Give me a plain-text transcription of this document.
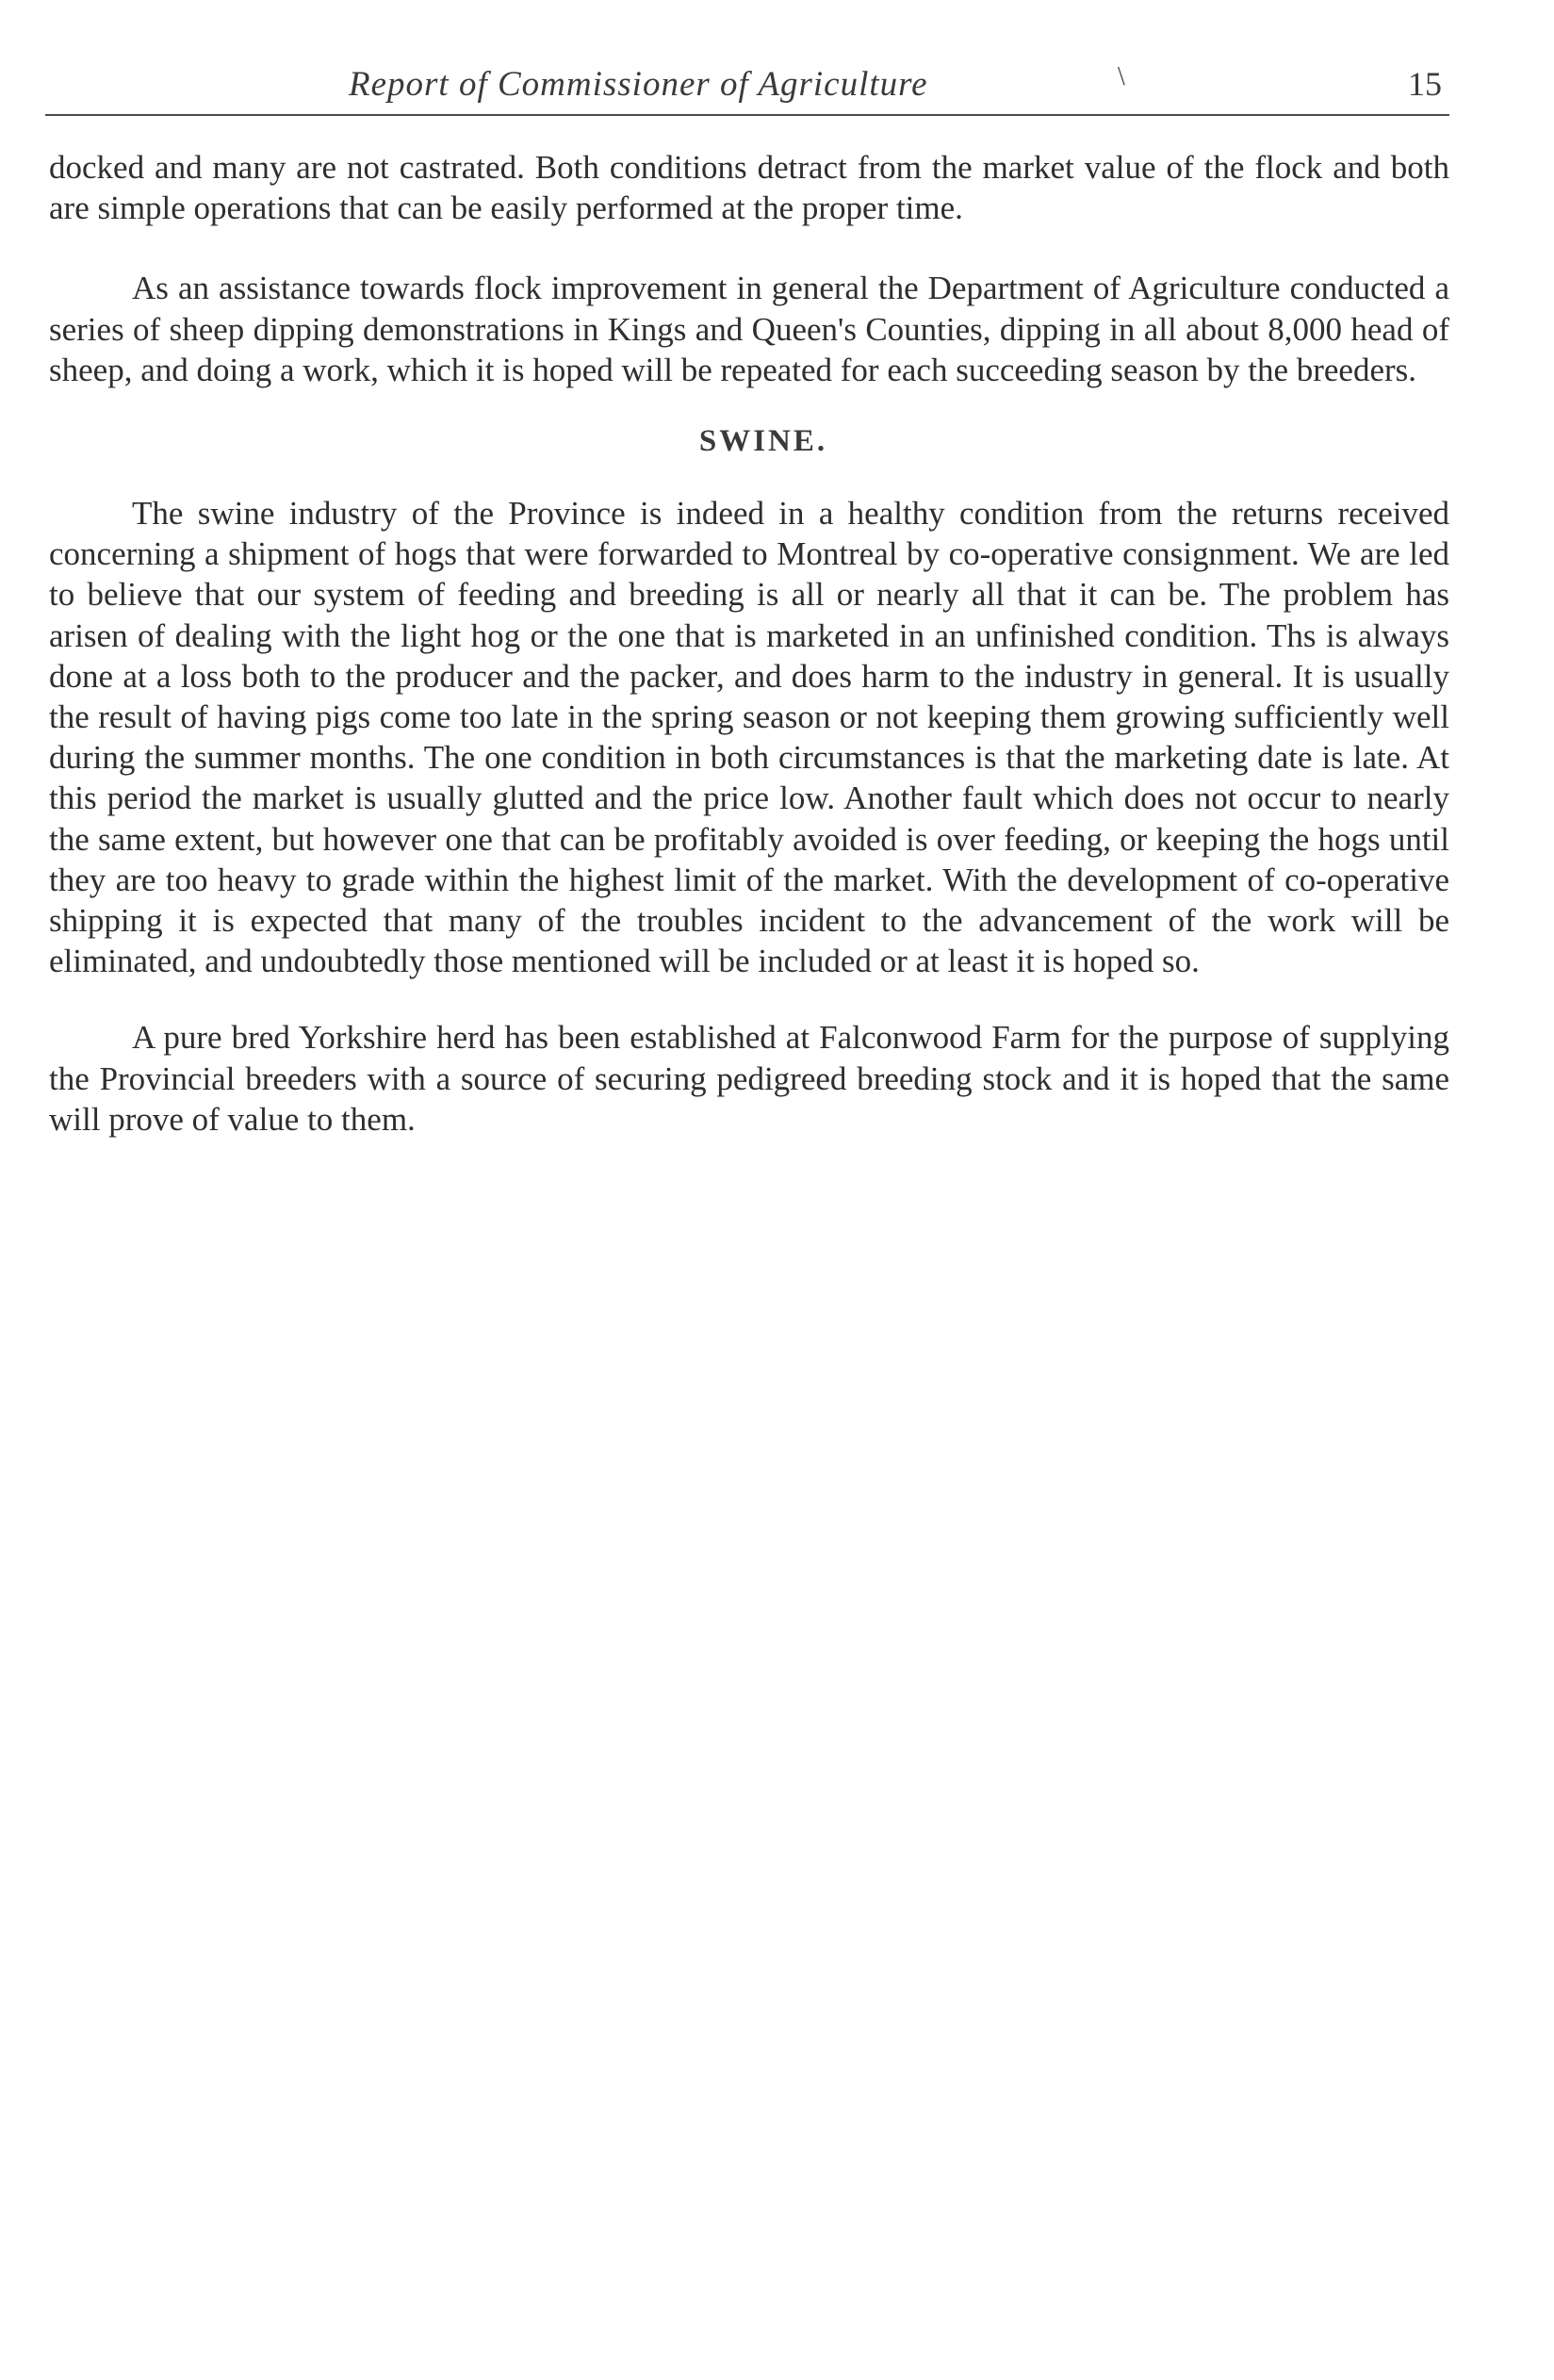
Report of Commissioner of Agriculture	\	15

docked and many are not castrated. Both conditions detract from the market value of the flock and both are simple operations that can be easily performed at the proper time.

As an assistance towards flock improvement in general the Department of Agriculture conducted a series of sheep dipping demonstrations in Kings and Queen's Counties, dipping in all about 8,000 head of sheep, and doing a work, which it is hoped will be repeated for each succeeding season by the breeders.

SWINE.

The swine industry of the Province is indeed in a healthy condition from the returns received concerning a shipment of hogs that were forwarded to Montreal by co-operative consignment. We are led to believe that our system of feeding and breeding is all or nearly all that it can be. The problem has arisen of dealing with the light hog or the one that is marketed in an unfinished condition. Ths is always done at a loss both to the producer and the packer, and does harm to the industry in general. It is usually the result of having pigs come too late in the spring season or not keeping them growing sufficiently well during the summer months. The one condition in both circumstances is that the marketing date is late. At this period the market is usually glutted and the price low. Another fault which does not occur to nearly the same extent, but however one that can be profitably avoided is over feeding, or keeping the hogs until they are too heavy to grade within the highest limit of the market. With the development of co-operative shipping it is expected that many of the troubles incident to the advancement of the work will be eliminated, and undoubtedly those mentioned will be included or at least it is hoped so.

A pure bred Yorkshire herd has been established at Falconwood Farm for the purpose of supplying the Provincial breeders with a source of securing pedigreed breeding stock and it is hoped that the same will prove of value to them.
